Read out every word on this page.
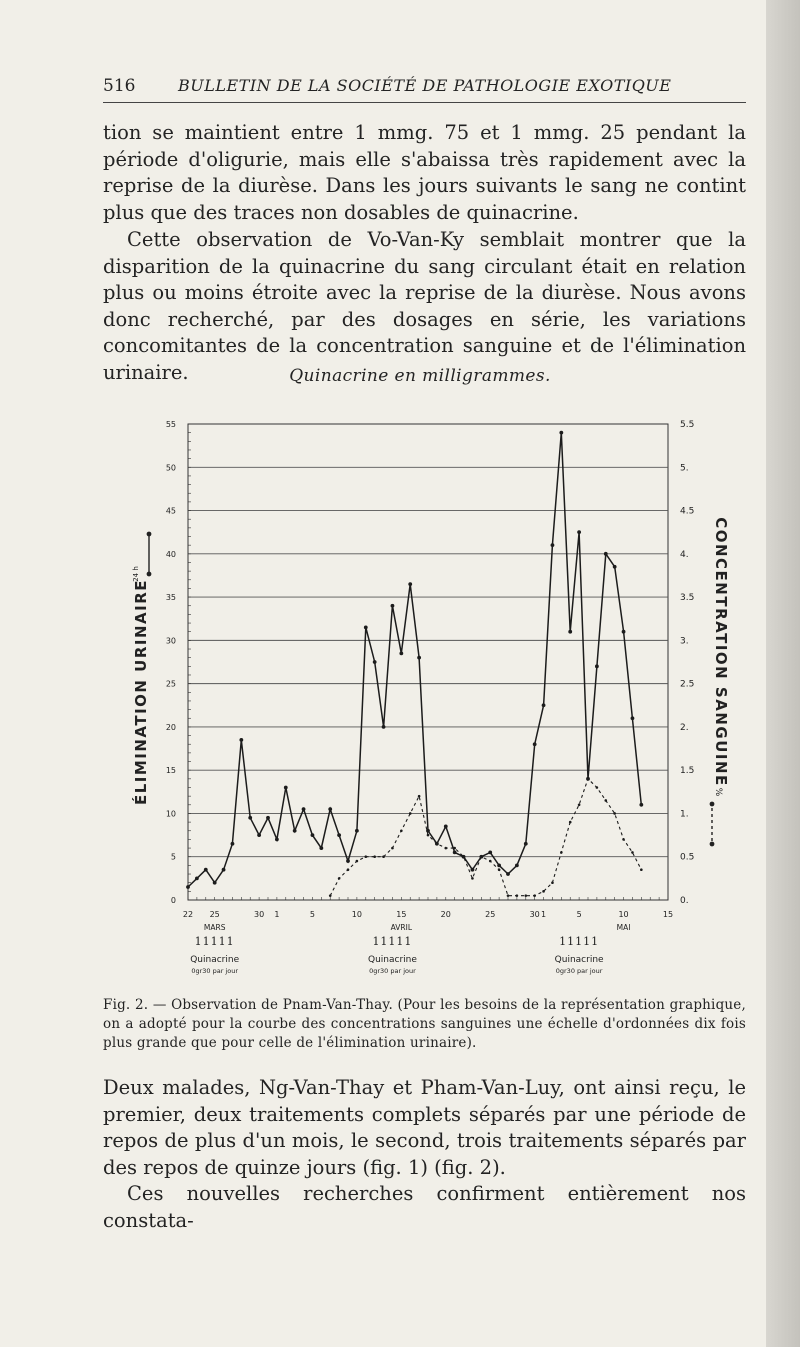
516	BULLETIN DE LA SOCIÉTÉ DE PATHOLOGIE EXOTIQUE

tion se maintient entre 1 mmg. 75 et 1 mmg. 25 pendant la période d'oligurie, mais elle s'abaissa très rapidement avec la reprise de la diurèse. Dans les jours suivants le sang ne contint plus que des traces non dosables de quinacrine.

Cette observation de Vo-Van-Ky semblait montrer que la disparition de la quinacrine du sang circulant était en relation plus ou moins étroite avec la reprise de la diurèse. Nous avons donc recherché, par des dosages en série, les variations concomitantes de la concentration sanguine et de l'élimination urinaire.	Quinacrine en milligrammes.
55
50
45
40
35
30
25
20
15
10
5
0
5.5
5.
4.5
4.
3.5
3.
2.5
2.
1.5
1.
0.5
0.
22 25	30 1	5	10	15	20	25	30 1	5	10	15
MARS	AVRIL	MAI
11111
Quinacrine
0gr30 par jour
11111
Quinacrine
0gr30 par jour
11111
Quinacrine
0gr30 par jour
ÉLIMINATION URINAIRE
24 h	CONCENTRATION SANGUINE
%

Fig. 2. — Observation de Pnam-Van-Thay. (Pour les besoins de la représentation graphique, on a adopté pour la courbe des concentrations sanguines une échelle d'ordonnées dix fois plus grande que pour celle de l'élimination urinaire).

Deux malades, Ng-Van-Thay et Pham-Van-Luy, ont ainsi reçu, le premier, deux traitements complets séparés par une période de repos de plus d'un mois, le second, trois traitements séparés par des repos de quinze jours (fig. 1) (fig. 2).

Ces nouvelles recherches confirment entièrement nos constata-
